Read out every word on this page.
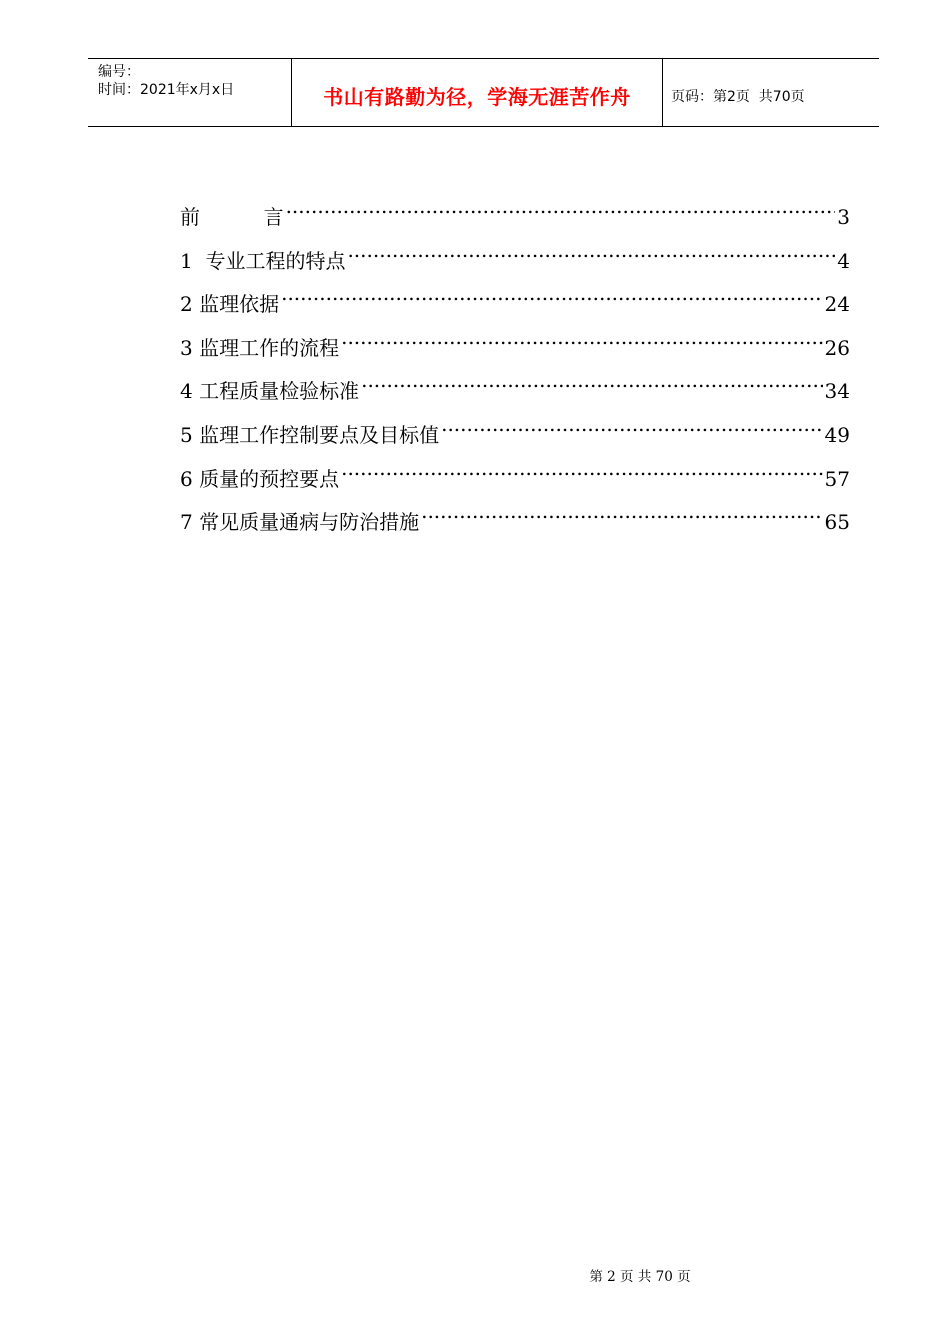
编号：
时间：2021年x月x日	书山有路勤为径，学海无涯苦作舟	页码：第2页  共70页
前          言 .....	3
1  专业工程的特点 .....	4
2 监理依据 .....	24
3 监理工作的流程 .....	26
4 工程质量检验标准 .....	34
5 监理工作控制要点及目标值 .....	49
6 质量的预控要点 .....	57
7 常见质量通病与防治措施 .....	65
第 2 页 共 70 页
